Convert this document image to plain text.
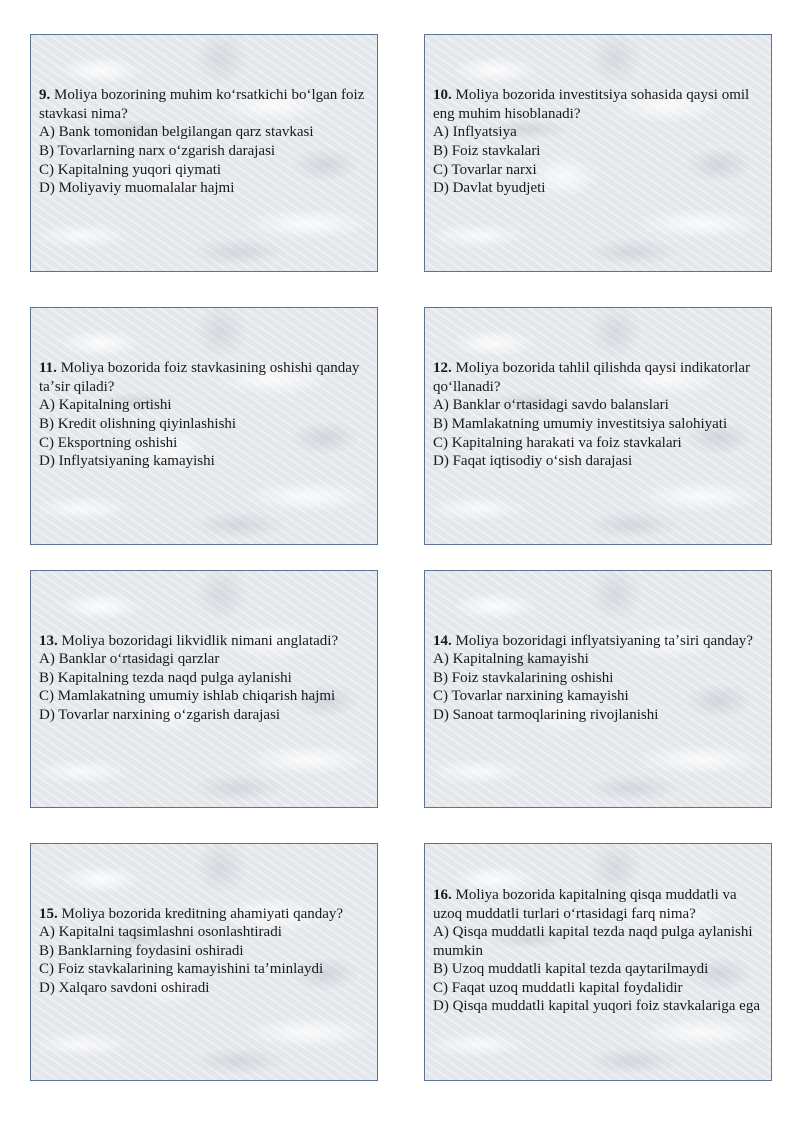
9. Moliya bozorining muhim koʻrsatkichi boʻlgan foiz stavkasi nima?
A) Bank tomonidan belgilangan qarz stavkasi
B) Tovarlarning narx oʻzgarish darajasi
C) Kapitalning yuqori qiymati
D) Moliyaviy muomalalar hajmi
10. Moliya bozorida investitsiya sohasida qaysi omil eng muhim hisoblanadi?
A) Inflyatsiya
B) Foiz stavkalari
C) Tovarlar narxi
D) Davlat byudjeti
11. Moliya bozorida foiz stavkasining oshishi qanday taʼsir qiladi?
A) Kapitalning ortishi
B) Kredit olishning qiyinlashishi
C) Eksportning oshishi
D) Inflyatsiyaning kamayishi
12. Moliya bozorida tahlil qilishda qaysi indikatorlar qoʻllanadi?
A) Banklar oʻrtasidagi savdo balanslari
B) Mamlakatning umumiy investitsiya salohiyati
C) Kapitalning harakati va foiz stavkalari
D) Faqat iqtisodiy oʻsish darajasi
13. Moliya bozoridagi likvidlik nimani anglatadi?
A) Banklar oʻrtasidagi qarzlar
B) Kapitalning tezda naqd pulga aylanishi
C) Mamlakatning umumiy ishlab chiqarish hajmi
D) Tovarlar narxining oʻzgarish darajasi
14. Moliya bozoridagi inflyatsiyaning taʼsiri qanday?
A) Kapitalning kamayishi
B) Foiz stavkalarining oshishi
C) Tovarlar narxining kamayishi
D) Sanoat tarmoqlarining rivojlanishi
15. Moliya bozorida kreditning ahamiyati qanday?
A) Kapitalni taqsimlashni osonlashtiradi
B) Banklarning foydasini oshiradi
C) Foiz stavkalarining kamayishini taʼminlaydi
D) Xalqaro savdoni oshiradi
16. Moliya bozorida kapitalning qisqa muddatli va uzoq muddatli turlari oʻrtasidagi farq nima?
A) Qisqa muddatli kapital tezda naqd pulga aylanishi mumkin
B) Uzoq muddatli kapital tezda qaytarilmaydi
C) Faqat uzoq muddatli kapital foydalidir
D) Qisqa muddatli kapital yuqori foiz stavkalariga ega
